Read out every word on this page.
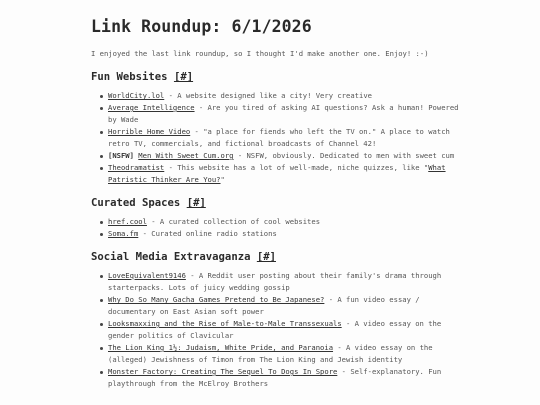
Link Roundup: 6/1/2026

I enjoyed the last link roundup, so I thought I'd make another one. Enjoy! :-)

Fun Websites [#]
WorldCity.lol - A website designed like a city! Very creative
Average Intelligence - Are you tired of asking AI questions? Ask a human! Powered by Wade
Horrible Home Video - "a place for fiends who left the TV on." A place to watch retro TV, commercials, and fictional broadcasts of Channel 42!
[NSFW] Men With Sweet Cum.org - NSFW, obviously. Dedicated to men with sweet cum
Theodramatist - This website has a lot of well-made, niche quizzes, like "What Patristic Thinker Are You?"
Curated Spaces [#]
href.cool - A curated collection of cool websites
Soma.fm - Curated online radio stations
Social Media Extravaganza [#]
LoveEquivalent9146 - A Reddit user posting about their family's drama through starterpacks. Lots of juicy wedding gossip
Why Do So Many Gacha Games Pretend to Be Japanese? - A fun video essay / documentary on East Asian soft power
Looksmaxxing and the Rise of Male-to-Male Transsexuals - A video essay on the gender politics of Clavicular
The Lion King 1½: Judaism, White Pride, and Paranoia - A video essay on the (alleged) Jewishness of Timon from The Lion King and Jewish identity
Monster Factory: Creating The Sequel To Dogs In Spore - Self-explanatory. Fun playthrough from the McElroy Brothers
